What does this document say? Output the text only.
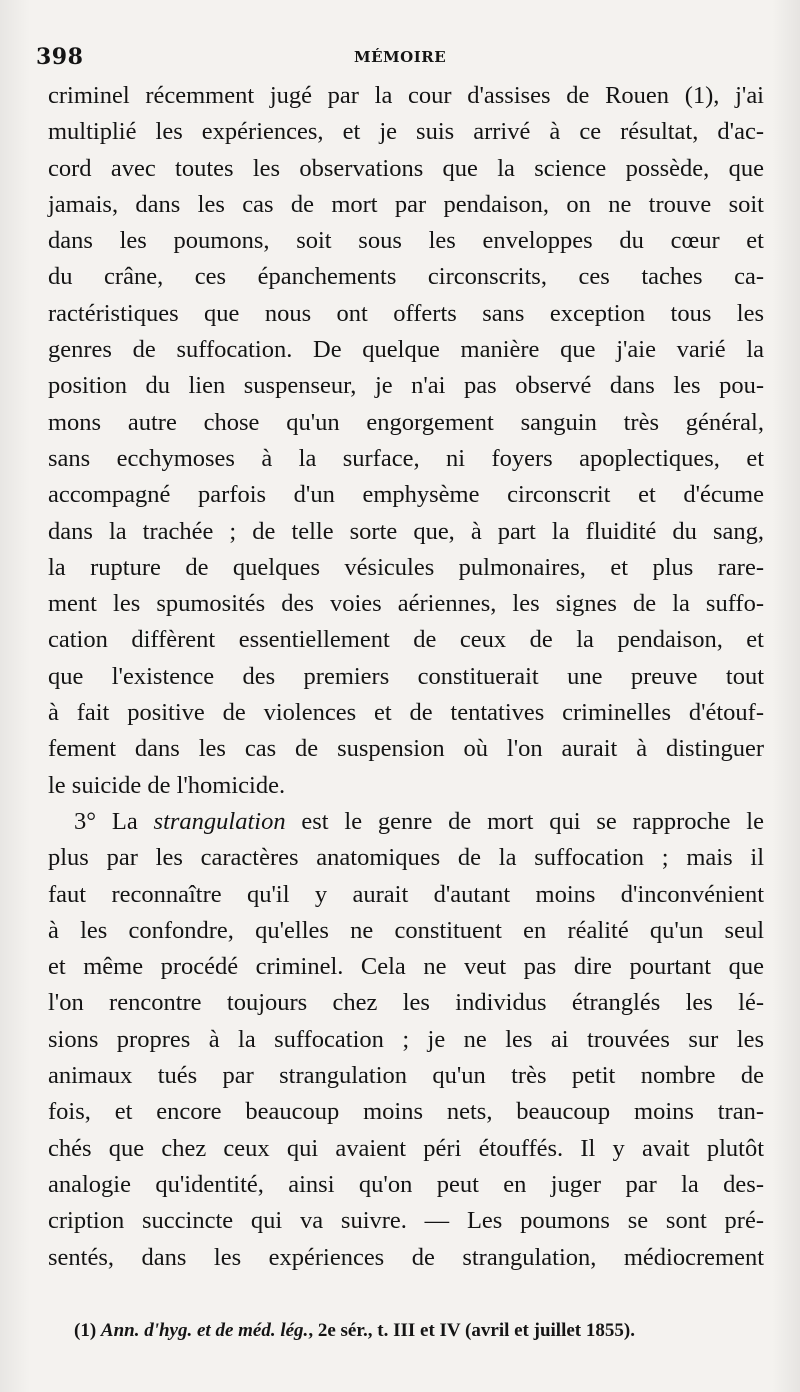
398	MÉMOIRE
criminel récemment jugé par la cour d'assises de Rouen (1), j'ai
multiplié les expériences, et je suis arrivé à ce résultat, d'ac-
cord avec toutes les observations que la science possède, que
jamais, dans les cas de mort par pendaison, on ne trouve soit
dans les poumons, soit sous les enveloppes du cœur et
du crâne, ces épanchements circonscrits, ces taches ca-
ractéristiques que nous ont offerts sans exception tous les
genres de suffocation. De quelque manière que j'aie varié la
position du lien suspenseur, je n'ai pas observé dans les pou-
mons autre chose qu'un engorgement sanguin très général,
sans ecchymoses à la surface, ni foyers apoplectiques, et
accompagné parfois d'un emphysème circonscrit et d'écume
dans la trachée ; de telle sorte que, à part la fluidité du sang,
la rupture de quelques vésicules pulmonaires, et plus rare-
ment les spumosités des voies aériennes, les signes de la suffo-
cation diffèrent essentiellement de ceux de la pendaison, et
que l'existence des premiers constituerait une preuve tout
à fait positive de violences et de tentatives criminelles d'étouf-
fement dans les cas de suspension où l'on aurait à distinguer
le suicide de l'homicide.
3° La strangulation est le genre de mort qui se rapproche le
plus par les caractères anatomiques de la suffocation ; mais il
faut reconnaître qu'il y aurait d'autant moins d'inconvénient
à les confondre, qu'elles ne constituent en réalité qu'un seul
et même procédé criminel. Cela ne veut pas dire pourtant que
l'on rencontre toujours chez les individus étranglés les lé-
sions propres à la suffocation ; je ne les ai trouvées sur les
animaux tués par strangulation qu'un très petit nombre de
fois, et encore beaucoup moins nets, beaucoup moins tran-
chés que chez ceux qui avaient péri étouffés. Il y avait plutôt
analogie qu'identité, ainsi qu'on peut en juger par la des-
cription succincte qui va suivre. — Les poumons se sont pré-
sentés, dans les expériences de strangulation, médiocrement
(1) Ann. d'hyg. et de méd. lég., 2e sér., t. III et IV (avril et juillet 1855).
